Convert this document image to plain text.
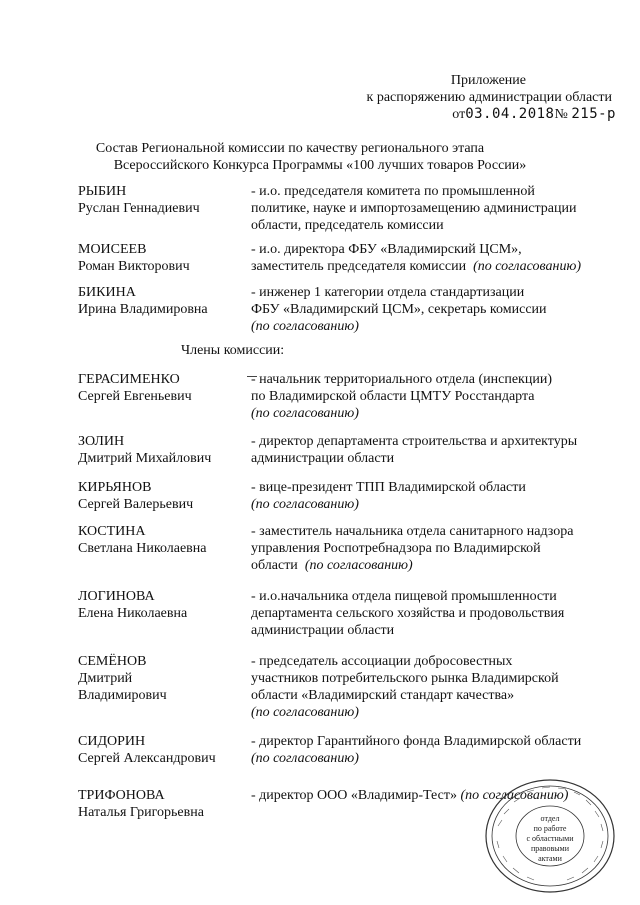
Приложение
к распоряжению администрации области
от03.04.2018№ 215-р
Состав Региональной комиссии по качеству регионального этапа
Всероссийского Конкурса Программы «100 лучших товаров России»
РЫБИН
Руслан Геннадиевич
- и.о. председателя комитета по промышленной
политике, науке и импортозамещению администрации
области, председатель комиссии
МОИСЕЕВ
Роман Викторович
- и.о. директора ФБУ «Владимирский ЦСМ»,
заместитель председателя комиссии (по согласованию)
БИКИНА
Ирина Владимировна
- инженер 1 категории отдела стандартизации
ФБУ «Владимирский ЦСМ», секретарь комиссии
(по согласованию)
Члены комиссии:
ГЕРАСИМЕНКО
Сергей Евгеньевич
- начальник территориального отдела (инспекции)
по Владимирской области ЦМТУ Росстандарта
(по согласованию)
ЗОЛИН
Дмитрий Михайлович
- директор департамента строительства и архитектуры
администрации области
КИРЬЯНОВ
Сергей Валерьевич
- вице-президент ТПП Владимирской области
(по согласованию)
КОСТИНА
Светлана Николаевна
- заместитель начальника отдела санитарного надзора
управления Роспотребнадзора по Владимирской
области (по согласованию)
ЛОГИНОВА
Елена Николаевна
- и.о.начальника отдела пищевой промышленности
департамента сельского хозяйства и продовольствия
администрации области
СЕМЁНОВ
Дмитрий
Владимирович
- председатель ассоциации добросовестных
участников потребительского рынка Владимирской
области «Владимирский стандарт качества»
(по согласованию)
СИДОРИН
Сергей Александрович
- директор Гарантийного фонда Владимирской области
(по согласованию)
ТРИФОНОВА
Наталья Григорьевна
- директор ООО «Владимир-Тест» (по согласованию)
отдел
по работе
с областными
правовыми
актами
